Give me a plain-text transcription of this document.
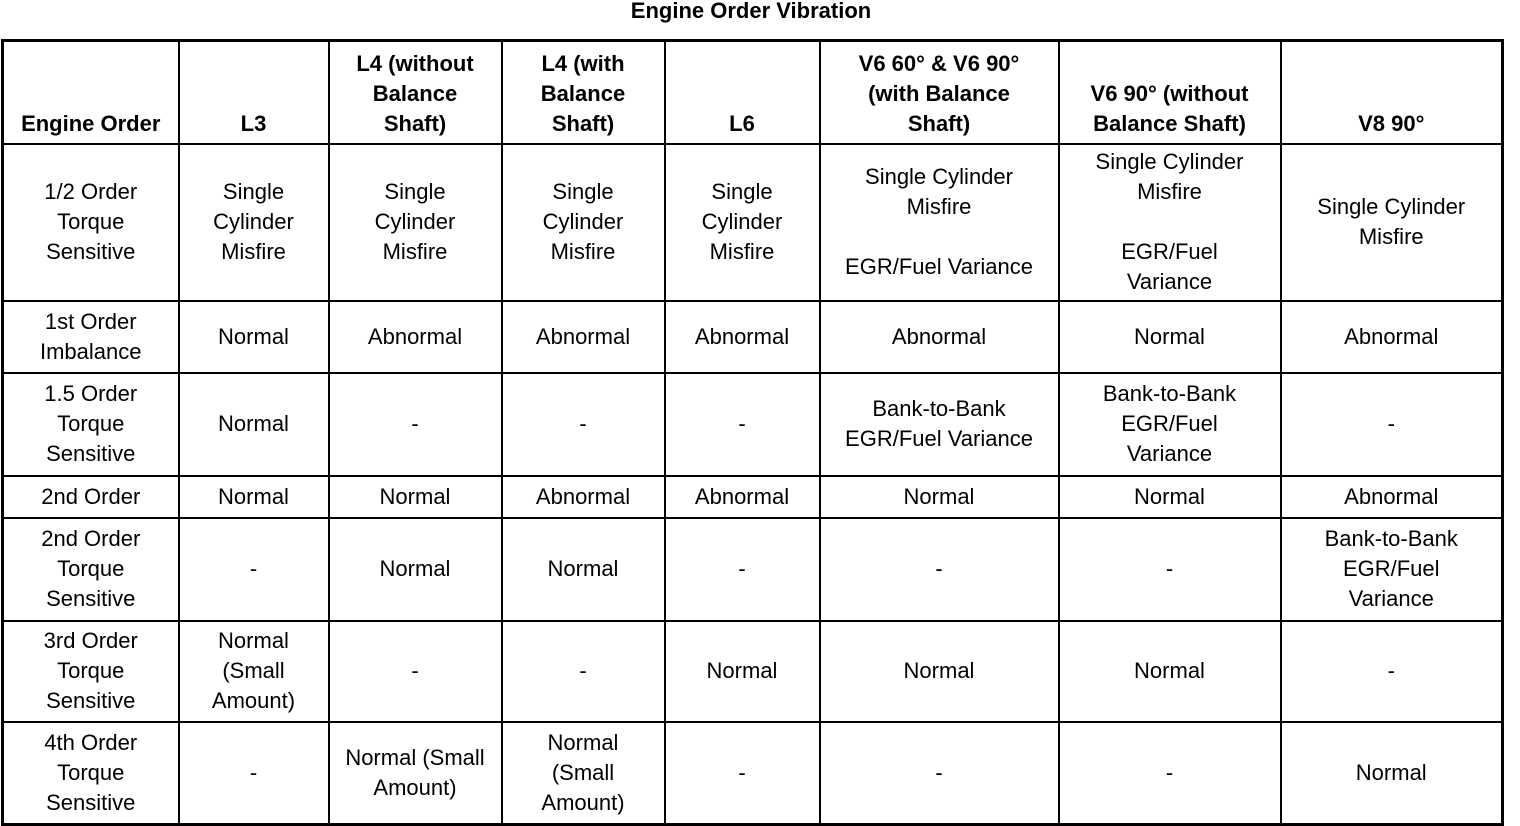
Engine Order Vibration
Engine Order	L3	L4 (without
Balance
Shaft)	L4 (with
Balance
Shaft)	L6	V6 60° & V6 90°
(with Balance
Shaft)	V6 90° (without
Balance Shaft)	V8 90°
1/2 Order
Torque
Sensitive	Single
Cylinder
Misfire	Single
Cylinder
Misfire	Single
Cylinder
Misfire	Single
Cylinder
Misfire	Single Cylinder
Misfire

EGR/Fuel Variance	Single Cylinder
Misfire

EGR/Fuel
Variance	Single Cylinder
Misfire
1st Order
Imbalance	Normal	Abnormal	Abnormal	Abnormal	Abnormal	Normal	Abnormal
1.5 Order
Torque
Sensitive	Normal	-	-	-	Bank-to-Bank
EGR/Fuel Variance	Bank-to-Bank
EGR/Fuel
Variance	-
2nd Order	Normal	Normal	Abnormal	Abnormal	Normal	Normal	Abnormal
2nd Order
Torque
Sensitive	-	Normal	Normal	-	-	-	Bank-to-Bank
EGR/Fuel
Variance
3rd Order
Torque
Sensitive	Normal
(Small
Amount)	-	-	Normal	Normal	Normal	-
4th Order
Torque
Sensitive	-	Normal (Small
Amount)	Normal
(Small
Amount)	-	-	-	Normal
